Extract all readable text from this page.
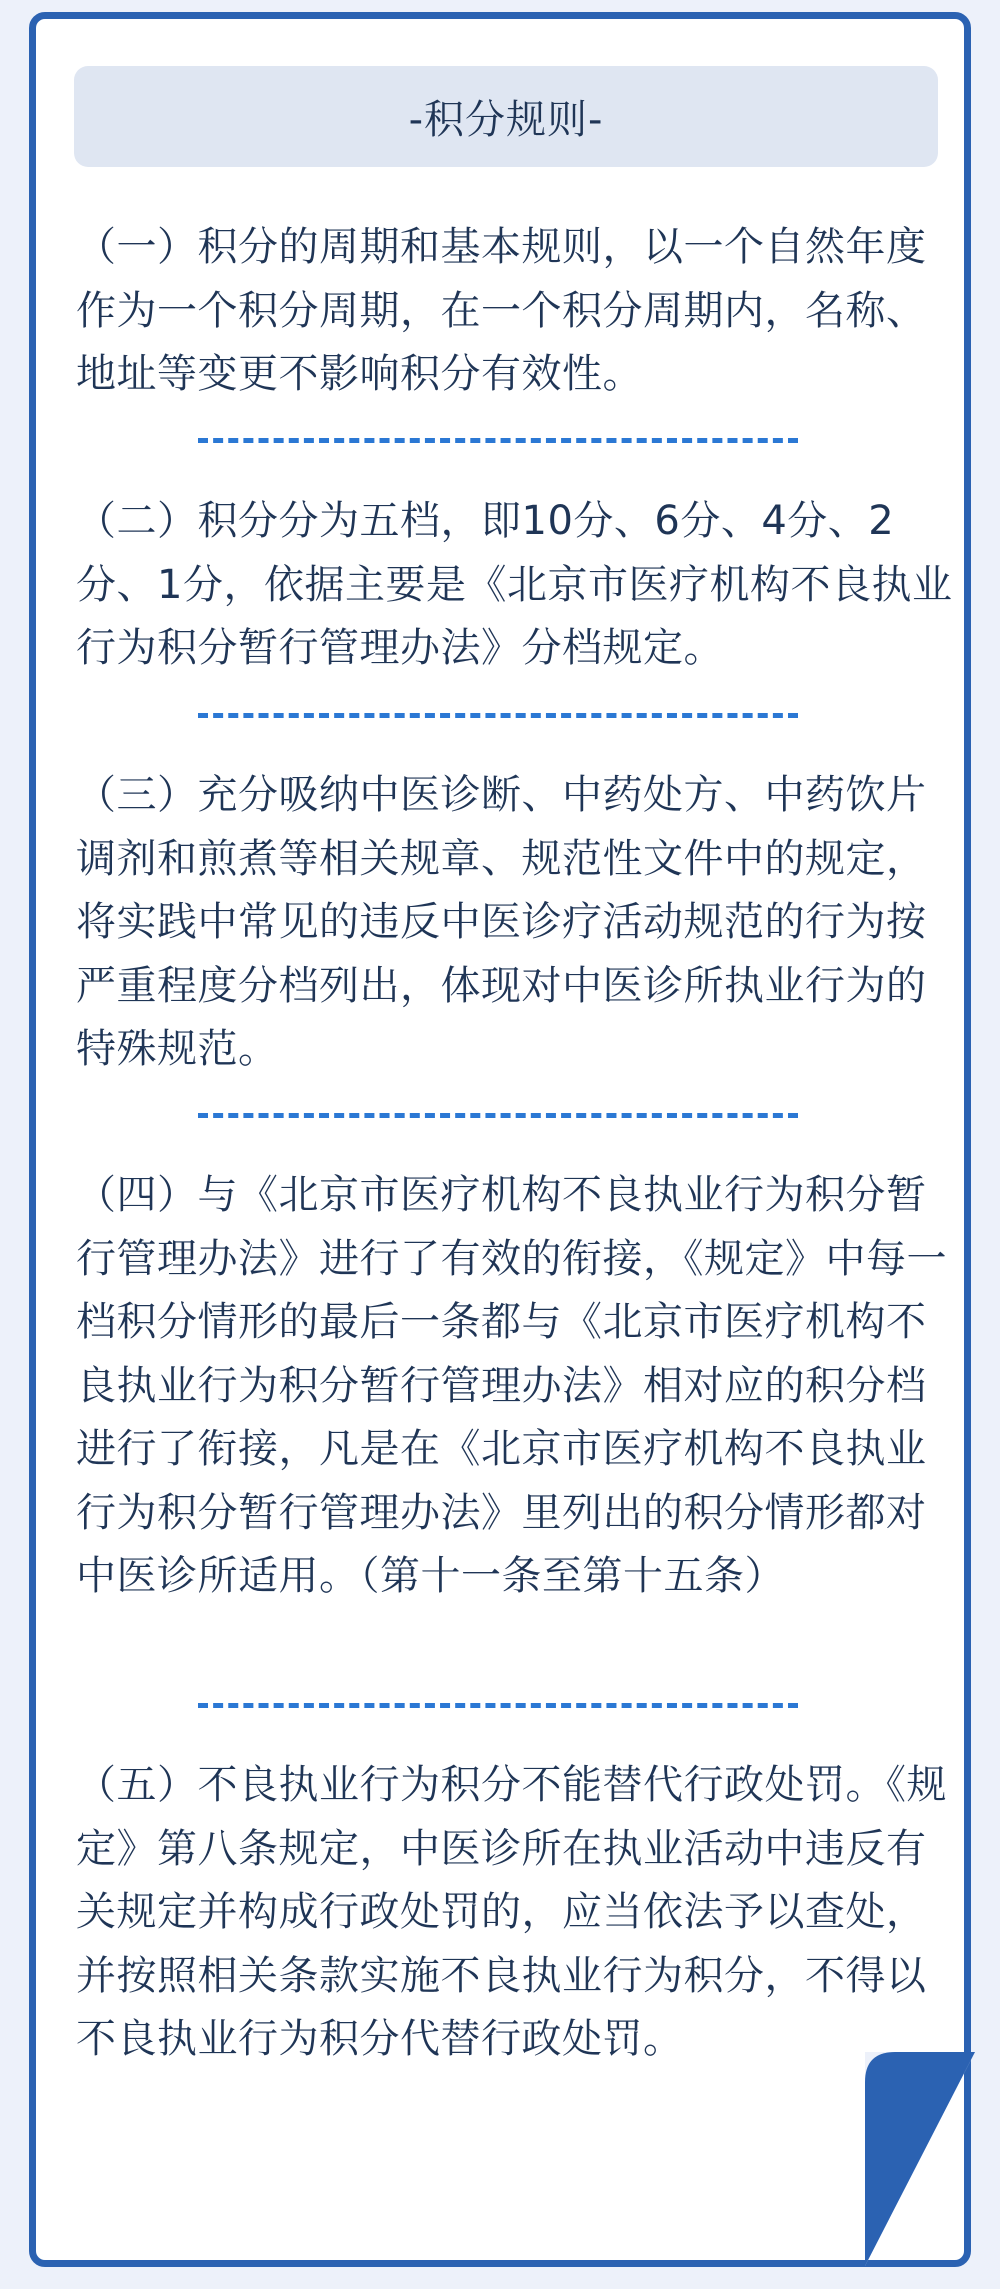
-积分规则-

（一）积分的周期和基本规则，以一个自然年度作为一个积分周期，在一个积分周期内，名称、地址等变更不影响积分有效性。

（二）积分分为五档，即10分、6分、4分、2分、1分，依据主要是《北京市医疗机构不良执业行为积分暂行管理办法》分档规定。

（三）充分吸纳中医诊断、中药处方、中药饮片调剂和煎煮等相关规章、规范性文件中的规定，将实践中常见的违反中医诊疗活动规范的行为按严重程度分档列出，体现对中医诊所执业行为的特殊规范。

（四）与《北京市医疗机构不良执业行为积分暂行管理办法》进行了有效的衔接，《规定》中每一档积分情形的最后一条都与《北京市医疗机构不良执业行为积分暂行管理办法》相对应的积分档进行了衔接，凡是在《北京市医疗机构不良执业行为积分暂行管理办法》里列出的积分情形都对中医诊所适用。（第十一条至第十五条）

（五）不良执业行为积分不能替代行政处罚。《规定》第八条规定，中医诊所在执业活动中违反有关规定并构成行政处罚的，应当依法予以查处，并按照相关条款实施不良执业行为积分，不得以不良执业行为积分代替行政处罚。
